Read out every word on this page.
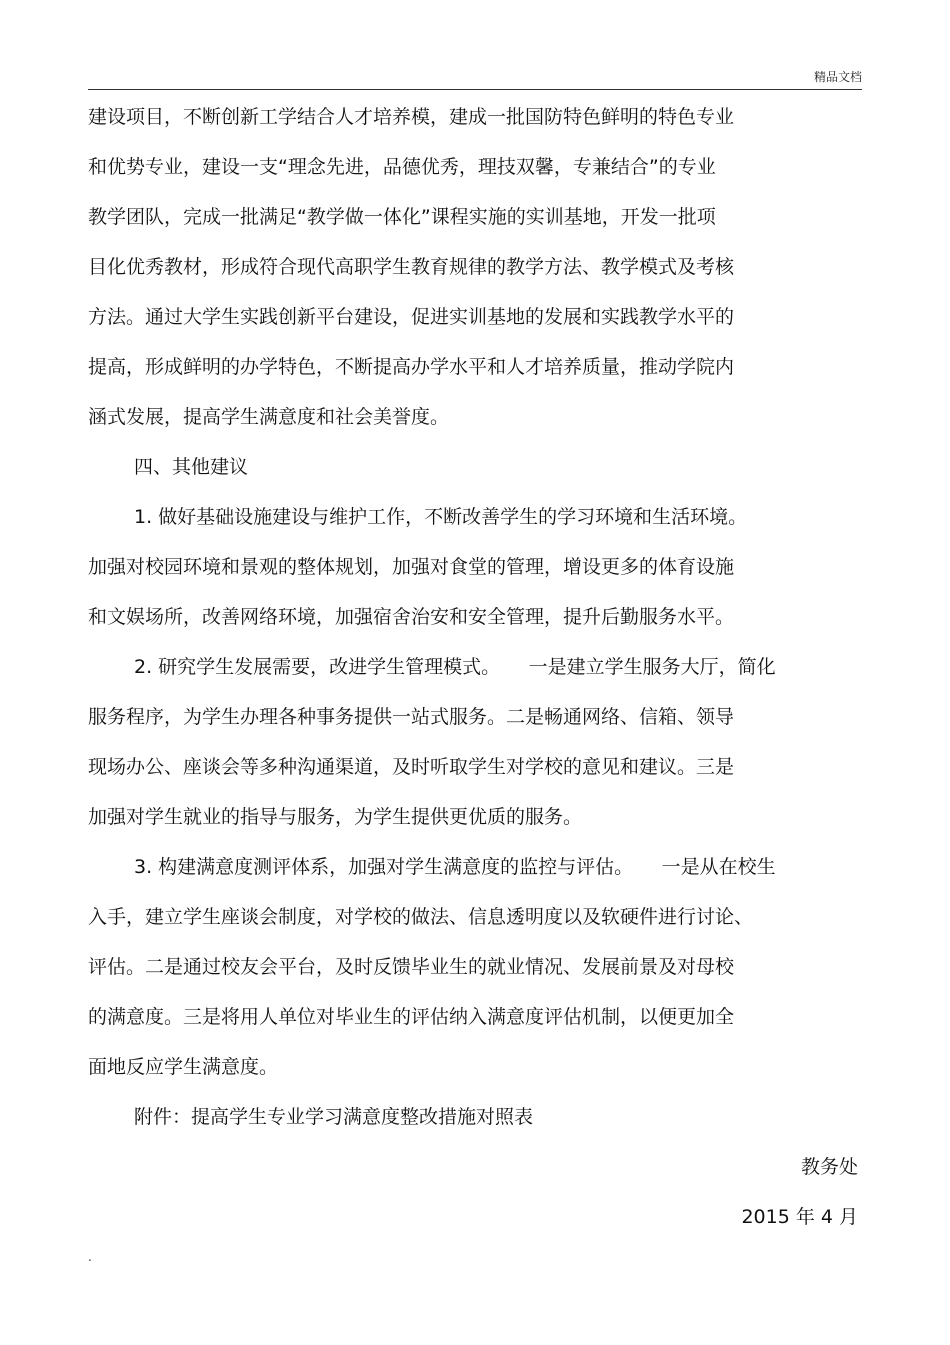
精品文档
建设项目，不断创新工学结合人才培养模，建成一批国防特色鲜明的特色专业
和优势专业，建设一支“理念先进，品德优秀，理技双馨，专兼结合”的专业
教学团队，完成一批满足“教学做一体化”课程实施的实训基地，开发一批项
目化优秀教材，形成符合现代高职学生教育规律的教学方法、教学模式及考核
方法。通过大学生实践创新平台建设，促进实训基地的发展和实践教学水平的
提高，形成鲜明的办学特色，不断提高办学水平和人才培养质量，推动学院内
涵式发展，提高学生满意度和社会美誉度。
四、其他建议
1. 做好基础设施建设与维护工作，不断改善学生的学习环境和生活环境。
加强对校园环境和景观的整体规划，加强对食堂的管理，增设更多的体育设施
和文娱场所，改善网络环境，加强宿舍治安和安全管理，提升后勤服务水平。
2. 研究学生发展需要，改进学生管理模式。　　一是建立学生服务大厅，简化
服务程序，为学生办理各种事务提供一站式服务。二是畅通网络、信箱、领导
现场办公、座谈会等多种沟通渠道，及时听取学生对学校的意见和建议。三是
加强对学生就业的指导与服务，为学生提供更优质的服务。
3. 构建满意度测评体系，加强对学生满意度的监控与评估。　　一是从在校生
入手，建立学生座谈会制度，对学校的做法、信息透明度以及软硬件进行讨论、
评估。二是通过校友会平台，及时反馈毕业生的就业情况、发展前景及对母校
的满意度。三是将用人单位对毕业生的评估纳入满意度评估机制，以便更加全
面地反应学生满意度。
附件：提高学生专业学习满意度整改措施对照表
教务处
2015 年 4 月
.
